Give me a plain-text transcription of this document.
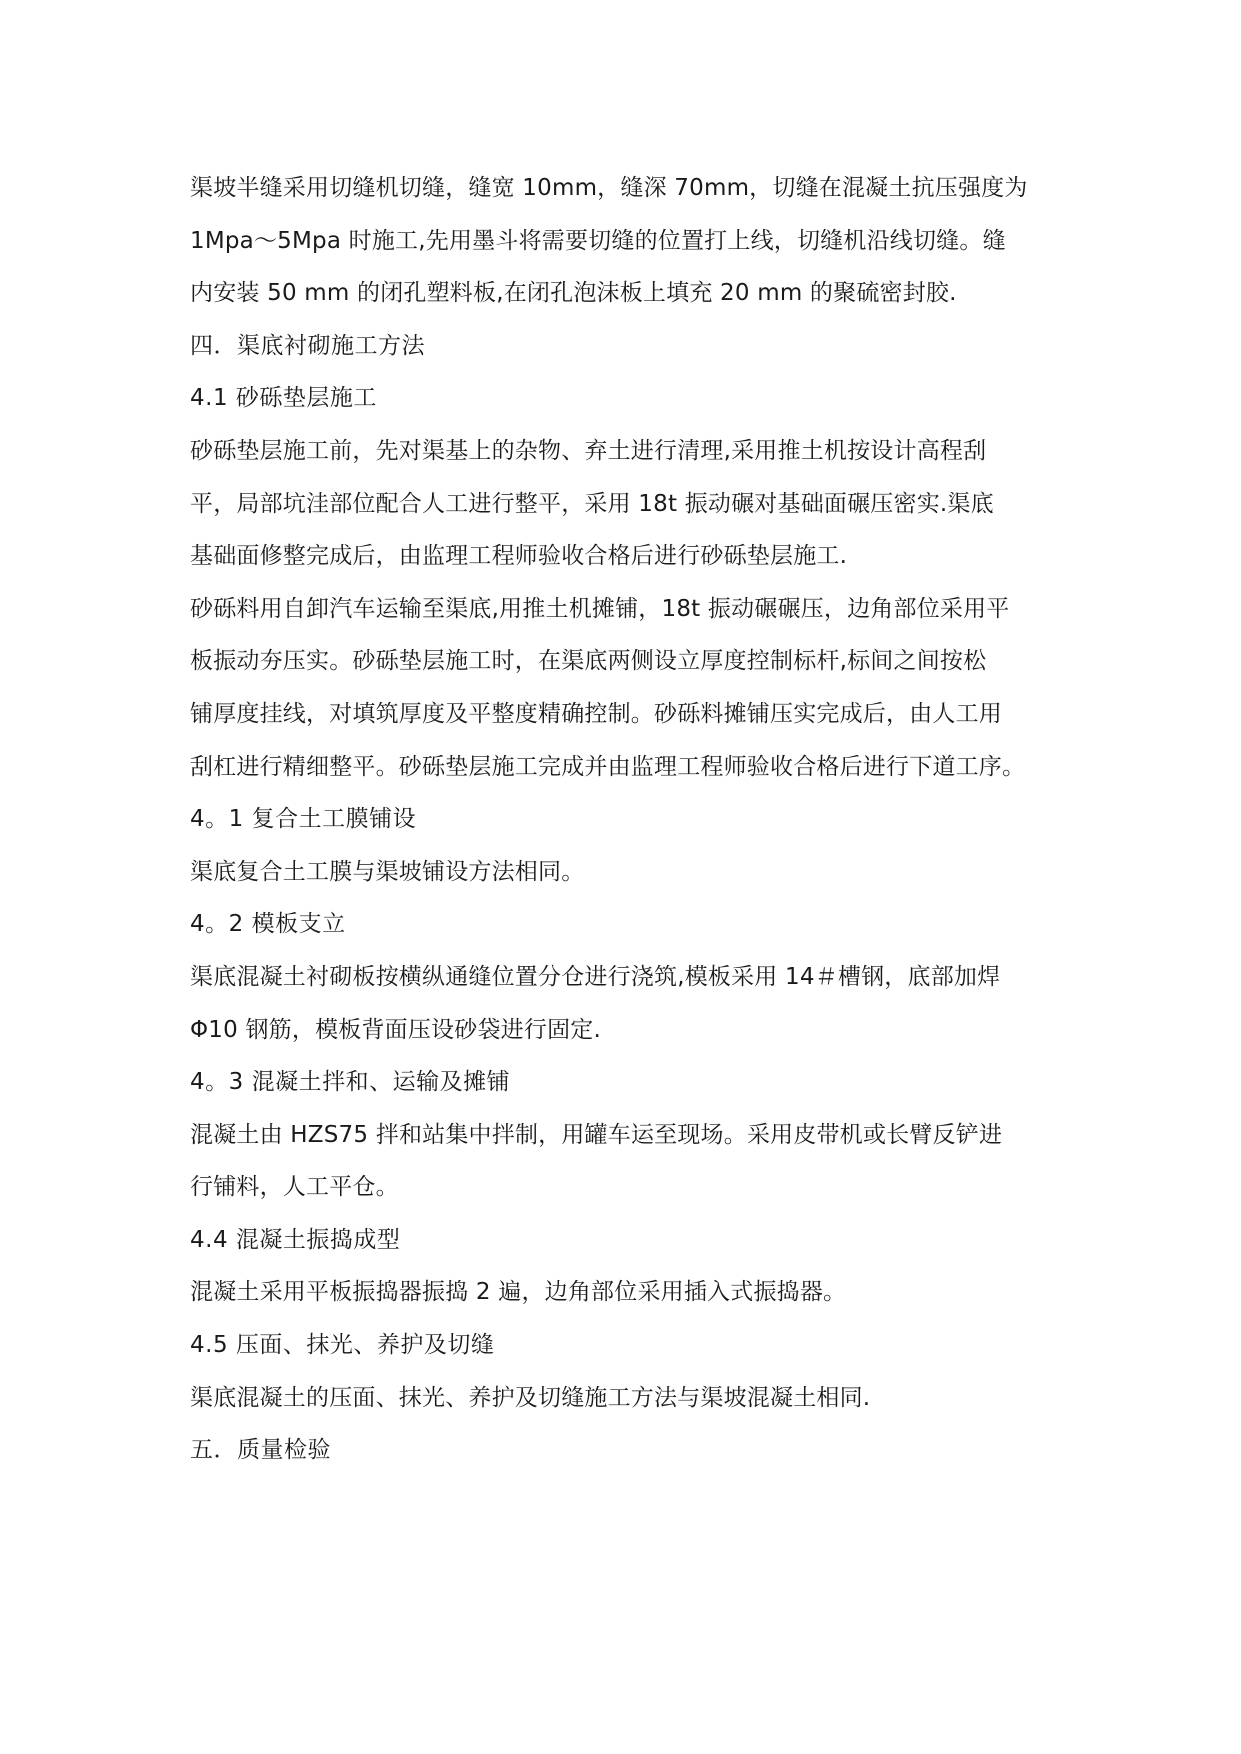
渠坡半缝采用切缝机切缝，缝宽 10mm，缝深 70mm，切缝在混凝土抗压强度为
1Mpa～5Mpa 时施工,先用墨斗将需要切缝的位置打上线，切缝机沿线切缝。缝
内安装 50 mm 的闭孔塑料板,在闭孔泡沫板上填充 20 mm 的聚硫密封胶.
四．渠底衬砌施工方法
4.1 砂砾垫层施工
砂砾垫层施工前，先对渠基上的杂物、弃土进行清理,采用推土机按设计高程刮
平，局部坑洼部位配合人工进行整平，采用 18t 振动碾对基础面碾压密实.渠底
基础面修整完成后，由监理工程师验收合格后进行砂砾垫层施工.
砂砾料用自卸汽车运输至渠底,用推土机摊铺，18t 振动碾碾压，边角部位采用平
板振动夯压实。砂砾垫层施工时，在渠底两侧设立厚度控制标杆,标间之间按松
铺厚度挂线，对填筑厚度及平整度精确控制。砂砾料摊铺压实完成后，由人工用
刮杠进行精细整平。砂砾垫层施工完成并由监理工程师验收合格后进行下道工序。
4。1 复合土工膜铺设
渠底复合土工膜与渠坡铺设方法相同。
4。2 模板支立
渠底混凝土衬砌板按横纵通缝位置分仓进行浇筑,模板采用 14＃槽钢，底部加焊
Φ10 钢筋，模板背面压设砂袋进行固定.
4。3 混凝土拌和、运输及摊铺
混凝土由 HZS75 拌和站集中拌制，用罐车运至现场。采用皮带机或长臂反铲进
行铺料，人工平仓。
4.4 混凝土振捣成型
混凝土采用平板振捣器振捣 2 遍，边角部位采用插入式振捣器。
4.5 压面、抹光、养护及切缝
渠底混凝土的压面、抹光、养护及切缝施工方法与渠坡混凝土相同.
五．质量检验
